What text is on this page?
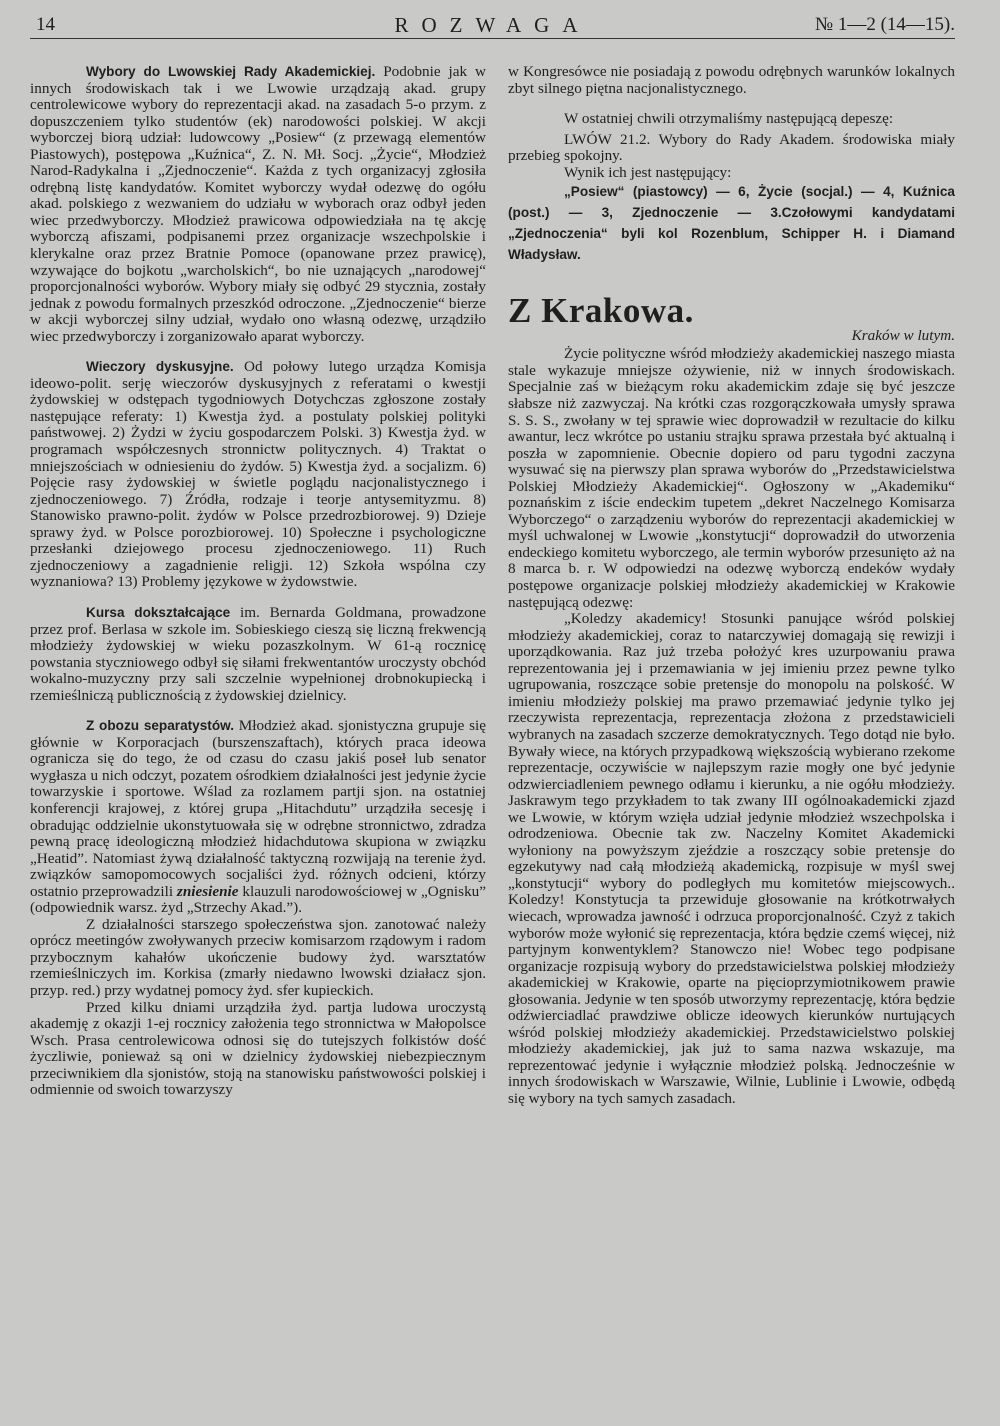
14	ROZWAGA	№ 1—2 (14—15).

Wybory do Lwowskiej Rady Akademickiej. Podobnie jak w innych środowiskach tak i we Lwowie urządzają akad. grupy centrolewicowe wybory do reprezentacji akad. na zasadach 5-o przym. z dopuszczeniem tylko studentów (ek) narodowości polskiej. W akcji wyborczej biorą udział: ludowcowy „Posiew“ (z przewagą elementów Piastowych), postępowa „Kuźnica“, Z. N. Mł. Socj. „Życie“, Młodzież Narod-Radykalna i „Zjednoczenie“. Każda z tych organizacyj zgłosiła odrębną listę kandydatów. Komitet wyborczy wydał odezwę do ogółu akad. polskiego z wezwaniem do udziału w wyborach oraz odbył jeden wiec przedwyborczy. Młodzież prawicowa odpowiedziała na tę akcję wyborczą afiszami, podpisanemi przez organizacje wszechpolskie i klerykalne oraz przez Bratnie Pomoce (opanowane przez prawicę), wzywające do bojkotu „warcholskich“, bo nie uznających „narodowej“ proporcjonalności wyborów. Wybory miały się odbyć 29 stycznia, zostały jednak z powodu formalnych przeszkód odroczone. „Zjednoczenie“ bierze w akcji wyborczej silny udział, wydało ono własną odezwę, urządziło wiec przedwyborczy i zorganizowało aparat wyborczy.

Wieczory dyskusyjne. Od połowy lutego urządza Komisja ideowo-polit. serję wieczorów dyskusyjnych z referatami o kwestji żydowskiej w odstępach tygodniowych Dotychczas zgłoszone zostały następujące referaty: 1) Kwestja żyd. a postulaty polskiej polityki państwowej. 2) Żydzi w życiu gospodarczem Polski. 3) Kwestja żyd. w programach współczesnych stronnictw politycznych. 4) Traktat o mniejszościach w odniesieniu do żydów. 5) Kwestja żyd. a socjalizm. 6) Pojęcie rasy żydowskiej w świetle poglądu nacjonalistycznego i zjednoczeniowego. 7) Źródła, rodzaje i teorje antysemityzmu. 8) Stanowisko prawno-polit. żydów w Polsce przedrozbiorowej. 9) Dzieje sprawy żyd. w Polsce porozbiorowej. 10) Społeczne i psychologiczne przesłanki dziejowego procesu zjednoczeniowego. 11) Ruch zjednoczeniowy a zagadnienie religji. 12) Szkoła wspólna czy wyznaniowa? 13) Problemy językowe w żydowstwie.

Kursa dokształcające im. Bernarda Goldmana, prowadzone przez prof. Berlasa w szkole im. Sobieskiego cieszą się liczną frekwencją młodzieży żydowskiej w wieku pozaszkolnym. W 61-ą rocznicę powstania styczniowego odbył się siłami frekwentantów uroczysty obchód wokalno-muzyczny przy sali szczelnie wypełnionej drobnokupiecką i rzemieślniczą publicznością z żydowskiej dzielnicy.

Z obozu separatystów. Młodzież akad. sjonistyczna grupuje się głównie w Korporacjach (burszenszaftach), których praca ideowa ogranicza się do tego, że od czasu do czasu jakiś poseł lub senator wygłasza u nich odczyt, pozatem ośrodkiem działalności jest jedynie życie towarzyskie i sportowe. Wślad za rozlamem partji sjon. na ostatniej konferencji krajowej, z której grupa „Hitachdutu” urządziła secesję i obradując oddzielnie ukonstytuowała się w odrębne stronnictwo, zdradza pewną pracę ideologiczną młodzież hidachdutowa skupiona w związku „Heatid”. Natomiast żywą działalność taktyczną rozwijają na terenie żyd. związków samopomocowych socjaliści żyd. różnych odcieni, którzy ostatnio przeprowadzili zniesienie klauzuli narodowościowej w „Ognisku” (odpowiednik warsz. żyd „Strzechy Akad.”).

Z działalności starszego społeczeństwa sjon. zanotować należy oprócz meetingów zwoływanych przeciw komisarzom rządowym i radom przybocznym kahałów ukończenie budowy żyd. warsztatów rzemieślniczych im. Korkisa (zmarły niedawno lwowski działacz sjon. przyp. red.) przy wydatnej pomocy żyd. sfer kupieckich.

Przed kilku dniami urządziła żyd. partja ludowa uroczystą akademję z okazji 1-ej rocznicy założenia tego stronnictwa w Małopolsce Wsch. Prasa centrolewicowa odnosi się do tutejszych folkistów dość życzliwie, ponieważ są oni w dzielnicy żydowskiej niebezpiecznym przeciwnikiem dla sjonistów, stoją na stanowisku państwowości polskiej i odmiennie od swoich towarzyszy

w Kongresówce nie posiadają z powodu odrębnych warunków lokalnych zbyt silnego piętna nacjonalistycznego.

W ostatniej chwili otrzymaliśmy następującą depeszę:

LWÓW 21.2. Wybory do Rady Akadem. środowiska miały przebieg spokojny.

Wynik ich jest następujący:

„Posiew“ (piastowcy) — 6, Życie (socjal.) — 4, Kuźnica (post.) — 3, Zjednoczenie — 3.Czołowymi kandydatami „Zjednoczenia“ byli kol Rozenblum, Schipper H. i Diamand Władysław.

Z Krakowa.

Kraków w lutym.

Życie polityczne wśród młodzieży akademickiej naszego miasta stale wykazuje mniejsze ożywienie, niż w innych środowiskach. Specjalnie zaś w bieżącym roku akademickim zdaje się być jeszcze słabsze niż zazwyczaj. Na krótki czas rozgorączkowała umysły sprawa S. S. S., zwołany w tej sprawie wiec doprowadził w rezultacie do kilku awantur, lecz wkrótce po ustaniu strajku sprawa przestała być aktualną i poszła w zapomnienie. Obecnie dopiero od paru tygodni zaczyna wysuwać się na pierwszy plan sprawa wyborów do „Przedstawicielstwa Polskiej Młodzieży Akademickiej“. Ogłoszony w „Akademiku“ poznańskim z iście endeckim tupetem „dekret Naczelnego Komisarza Wyborczego“ o zarządzeniu wyborów do reprezentacji akademickiej w myśl uchwalonej w Lwowie „konstytucji“ doprowadził do utworzenia endeckiego komitetu wyborczego, ale termin wyborów przesunięto aż na 8 marca b. r. W odpowiedzi na odezwę wyborczą endeków wydały postępowe organizacje polskiej młodzieży akademickiej w Krakowie następującą odezwę:

„Koledzy akademicy! Stosunki panujące wśród polskiej młodzieży akademickiej, coraz to natarczywiej domagają się rewizji i uporządkowania. Raz już trzeba położyć kres uzurpowaniu prawa reprezentowania jej i przemawiania w jej imieniu przez pewne tylko ugrupowania, roszczące sobie pretensje do monopolu na polskość. W imieniu młodzieży polskiej ma prawo przemawiać jedynie tylko jej rzeczywista reprezentacja, reprezentacja złożona z przedstawicieli wybranych na zasadach szczerze demokratycznych. Tego dotąd nie było. Bywały wiece, na których przypadkową większością wybierano rzekome reprezentacje, oczywiście w najlepszym razie mogły one być jedynie odzwierciadleniem pewnego odłamu i kierunku, a nie ogółu młodzieży. Jaskrawym tego przykładem to tak zwany III ogólnoakademicki zjazd we Lwowie, w którym wzięła udział jedynie młodzież wszechpolska i odrodzeniowa. Obecnie tak zw. Naczelny Komitet Akademicki wyłoniony na powyższym zjeździe a roszczący sobie pretensje do egzekutywy nad całą młodzieżą akademicką, rozpisuje w myśl swej „konstytucji“ wybory do podległych mu komitetów miejscowych.. Koledzy! Konstytucja ta przewiduje głosowanie na krótkotrwałych wiecach, wprowadza jawność i odrzuca proporcjonalność. Czyż z takich wyborów może wyłonić się reprezentacja, która będzie czemś więcej, niż partyjnym konwentyklem? Stanowczo nie! Wobec tego podpisane organizacje rozpisują wybory do przedstawicielstwa polskiej młodzieży akademickiej w Krakowie, oparte na pięcioprzymiotnikowem prawie głosowania. Jedynie w ten sposób utworzymy reprezentację, która będzie odźwierciadlać prawdziwe oblicze ideowych kierunków nurtujących wśród polskiej młodzieży akademickiej. Przedstawicielstwo polskiej młodzieży akademickiej, jak już to sama nazwa wskazuje, ma reprezentować jedynie i wyłącznie młodzież polską. Jednocześnie w innych środowiskach w Warszawie, Wilnie, Lublinie i Lwowie, odbędą się wybory na tych samych zasadach.
